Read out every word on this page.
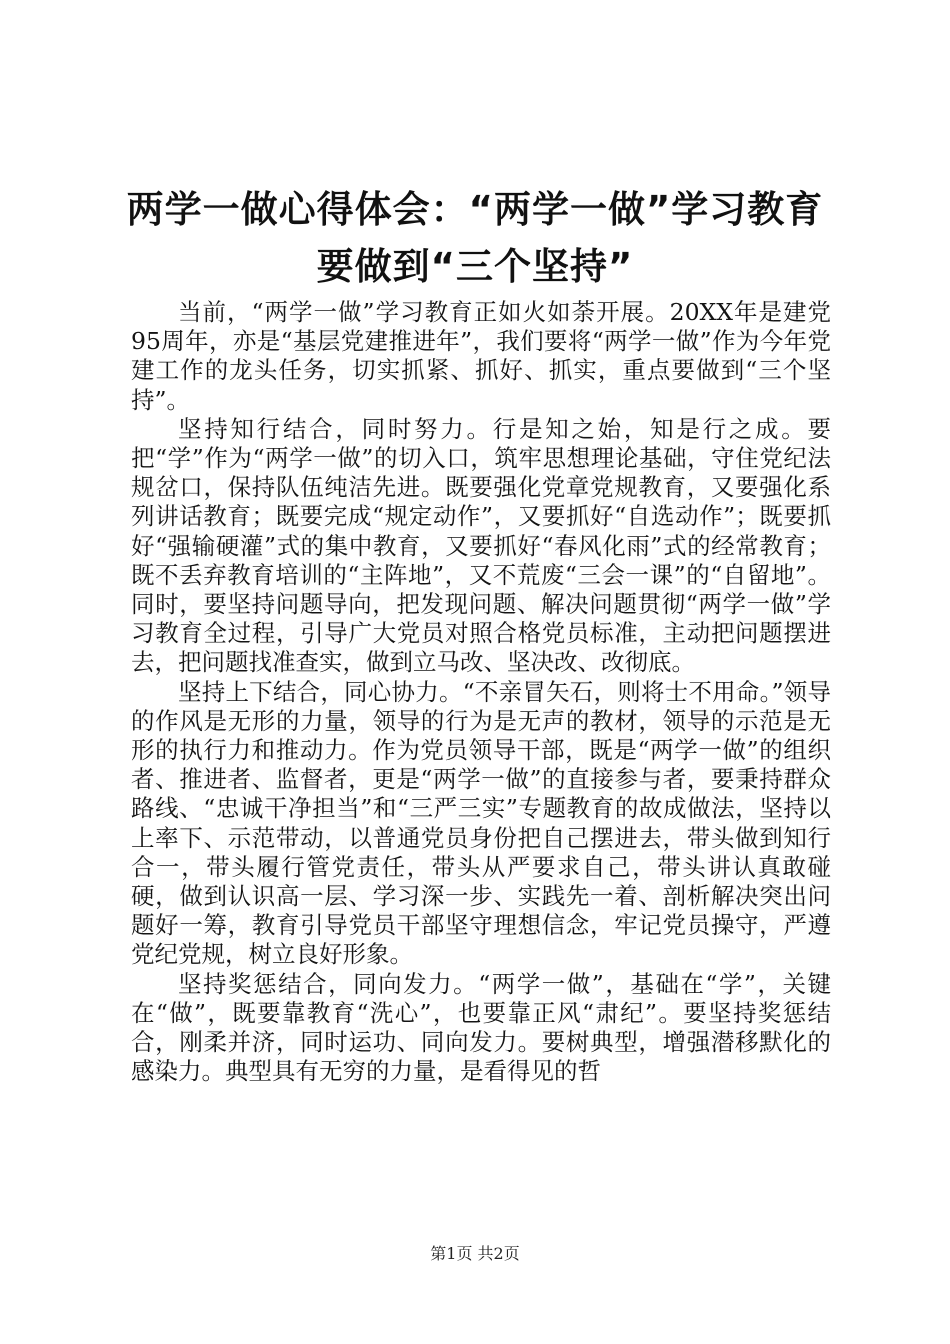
两学一做心得体会：“两学一做”学习教育要做到“三个坚持”

当前，“两学一做”学习教育正如火如荼开展。20XX年是建党95周年，亦是“基层党建推进年”，我们要将“两学一做”作为今年党建工作的龙头任务，切实抓紧、抓好、抓实，重点要做到“三个坚持”。

坚持知行结合，同时努力。行是知之始，知是行之成。要把“学”作为“两学一做”的切入口，筑牢思想理论基础，守住党纪法规岔口，保持队伍纯洁先进。既要强化党章党规教育，又要强化系列讲话教育；既要完成“规定动作”，又要抓好“自选动作”；既要抓好“强输硬灌”式的集中教育，又要抓好“春风化雨”式的经常教育；既不丢弃教育培训的“主阵地”，又不荒废“三会一课”的“自留地”。同时，要坚持问题导向，把发现问题、解决问题贯彻“两学一做”学习教育全过程，引导广大党员对照合格党员标准，主动把问题摆进去，把问题找准查实，做到立马改、坚决改、改彻底。

坚持上下结合，同心协力。“不亲冒矢石，则将士不用命。”领导的作风是无形的力量，领导的行为是无声的教材，领导的示范是无形的执行力和推动力。作为党员领导干部，既是“两学一做”的组织者、推进者、监督者，更是“两学一做”的直接参与者，要秉持群众路线、“忠诚干净担当”和“三严三实”专题教育的故成做法，坚持以上率下、示范带动，以普通党员身份把自己摆进去，带头做到知行合一，带头履行管党责任，带头从严要求自己，带头讲认真敢碰硬，做到认识高一层、学习深一步、实践先一着、剖析解决突出问题好一筹，教育引导党员干部坚守理想信念，牢记党员操守，严遵党纪党规，树立良好形象。

坚持奖惩结合，同向发力。“两学一做”，基础在“学”，关键在“做”，既要靠教育“洗心”，也要靠正风“肃纪”。要坚持奖惩结合，刚柔并济，同时运功、同向发力。要树典型，增强潜移默化的感染力。典型具有无穷的力量，是看得见的哲

第1页 共2页
